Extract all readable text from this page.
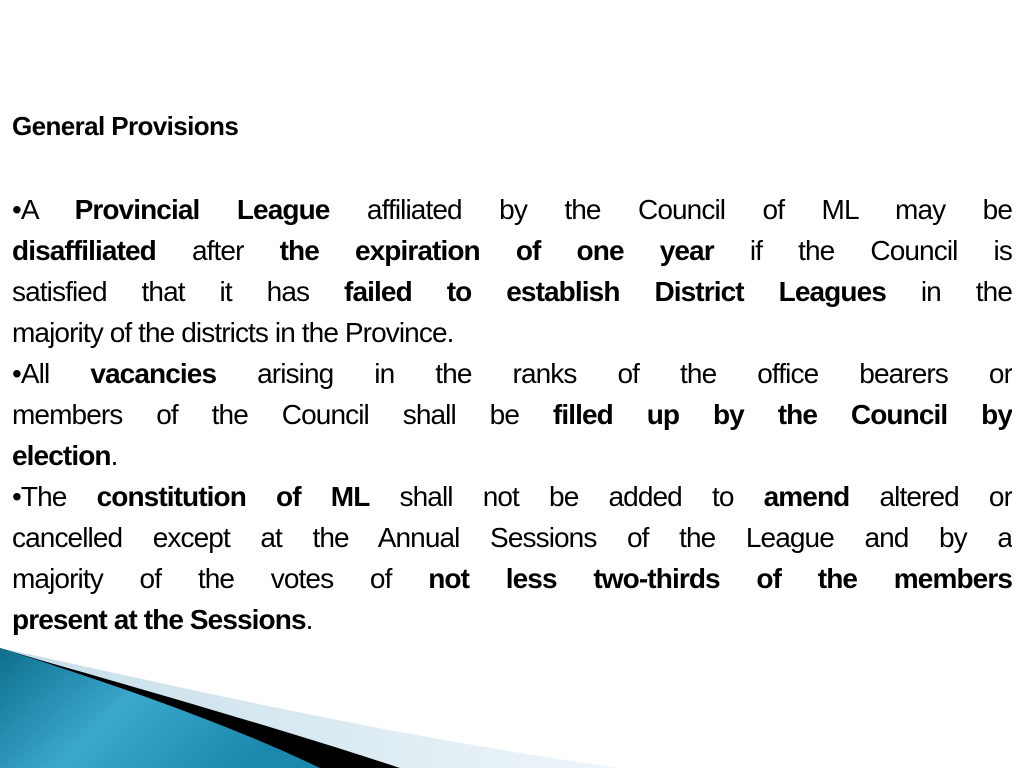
General Provisions
•A Provincial League affiliated by the Council of ML may be
disaffiliated after the expiration of one year if the Council is
satisfied that it has failed to establish District Leagues in the
majority of the districts in the Province.
•All vacancies arising in the ranks of the office bearers or
members of the Council shall be filled up by the Council by
election.
•The constitution of ML shall not be added to amend altered or
cancelled except at the Annual Sessions of the League and by a
majority of the votes of not less two-thirds of the members
present at the Sessions.
